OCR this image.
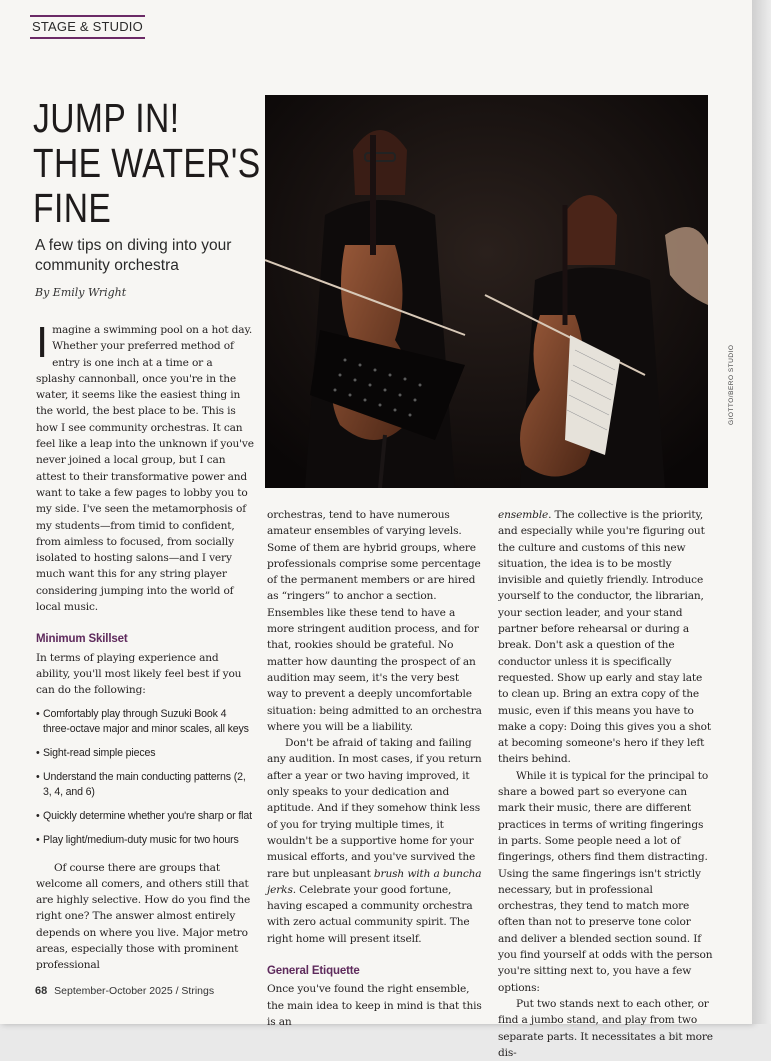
STAGE & STUDIO
JUMP IN!
THE WATER'S
FINE
A few tips on diving into your community orchestra
By Emily Wright

Imagine a swimming pool on a hot day. Whether your preferred method of entry is one inch at a time or a splashy cannonball, once you're in the water, it seems like the easiest thing in the world, the best place to be. This is how I see community orchestras. It can feel like a leap into the unknown if you've never joined a local group, but I can attest to their transformative power and want to take a few pages to lobby you to my side. I've seen the metamorphosis of my students—from timid to confident, from aimless to focused, from socially isolated to hosting salons—and I very much want this for any string player considering jumping into the world of local music.

Minimum Skillset

In terms of playing experience and ability, you'll most likely feel best if you can do the following:

• Comfortably play through Suzuki Book 4 three-octave major and minor scales, all keys
• Sight-read simple pieces
• Understand the main conducting patterns (2, 3, 4, and 6)
• Quickly determine whether you're sharp or flat
• Play light/medium-duty music for two hours

Of course there are groups that welcome all comers, and others still that are highly selective. How do you find the right one? The answer almost entirely depends on where you live. Major metro areas, especially those with prominent professional

GIOTTO/BERO STUDIO

orchestras, tend to have numerous amateur ensembles of varying levels. Some of them are hybrid groups, where professionals comprise some percentage of the permanent members or are hired as “ringers” to anchor a section. Ensembles like these tend to have a more stringent audition process, and for that, rookies should be grateful. No matter how daunting the prospect of an audition may seem, it's the very best way to prevent a deeply uncomfortable situation: being admitted to an orchestra where you will be a liability.

Don't be afraid of taking and failing any audition. In most cases, if you return after a year or two having improved, it only speaks to your dedication and aptitude. And if they somehow think less of you for trying multiple times, it wouldn't be a supportive home for your musical efforts, and you've survived the rare but unpleasant brush with a buncha jerks. Celebrate your good fortune, having escaped a community orchestra with zero actual community spirit. The right home will present itself.

General Etiquette

Once you've found the right ensemble, the main idea to keep in mind is that this is an

ensemble. The collective is the priority, and especially while you're figuring out the culture and customs of this new situation, the idea is to be mostly invisible and quietly friendly. Introduce yourself to the conductor, the librarian, your section leader, and your stand partner before rehearsal or during a break. Don't ask a question of the conductor unless it is specifically requested. Show up early and stay late to clean up. Bring an extra copy of the music, even if this means you have to make a copy: Doing this gives you a shot at becoming someone's hero if they left theirs behind.

While it is typical for the principal to share a bowed part so everyone can mark their music, there are different practices in terms of writing fingerings in parts. Some people need a lot of fingerings, others find them distracting. Using the same fingerings isn't strictly necessary, but in professional orchestras, they tend to match more often than not to preserve tone color and deliver a blended section sound. If you find yourself at odds with the person you're sitting next to, you have a few options:

Put two stands next to each other, or find a jumbo stand, and play from two separate parts. It necessitates a bit more dis-

68 September-October 2025 / Strings
